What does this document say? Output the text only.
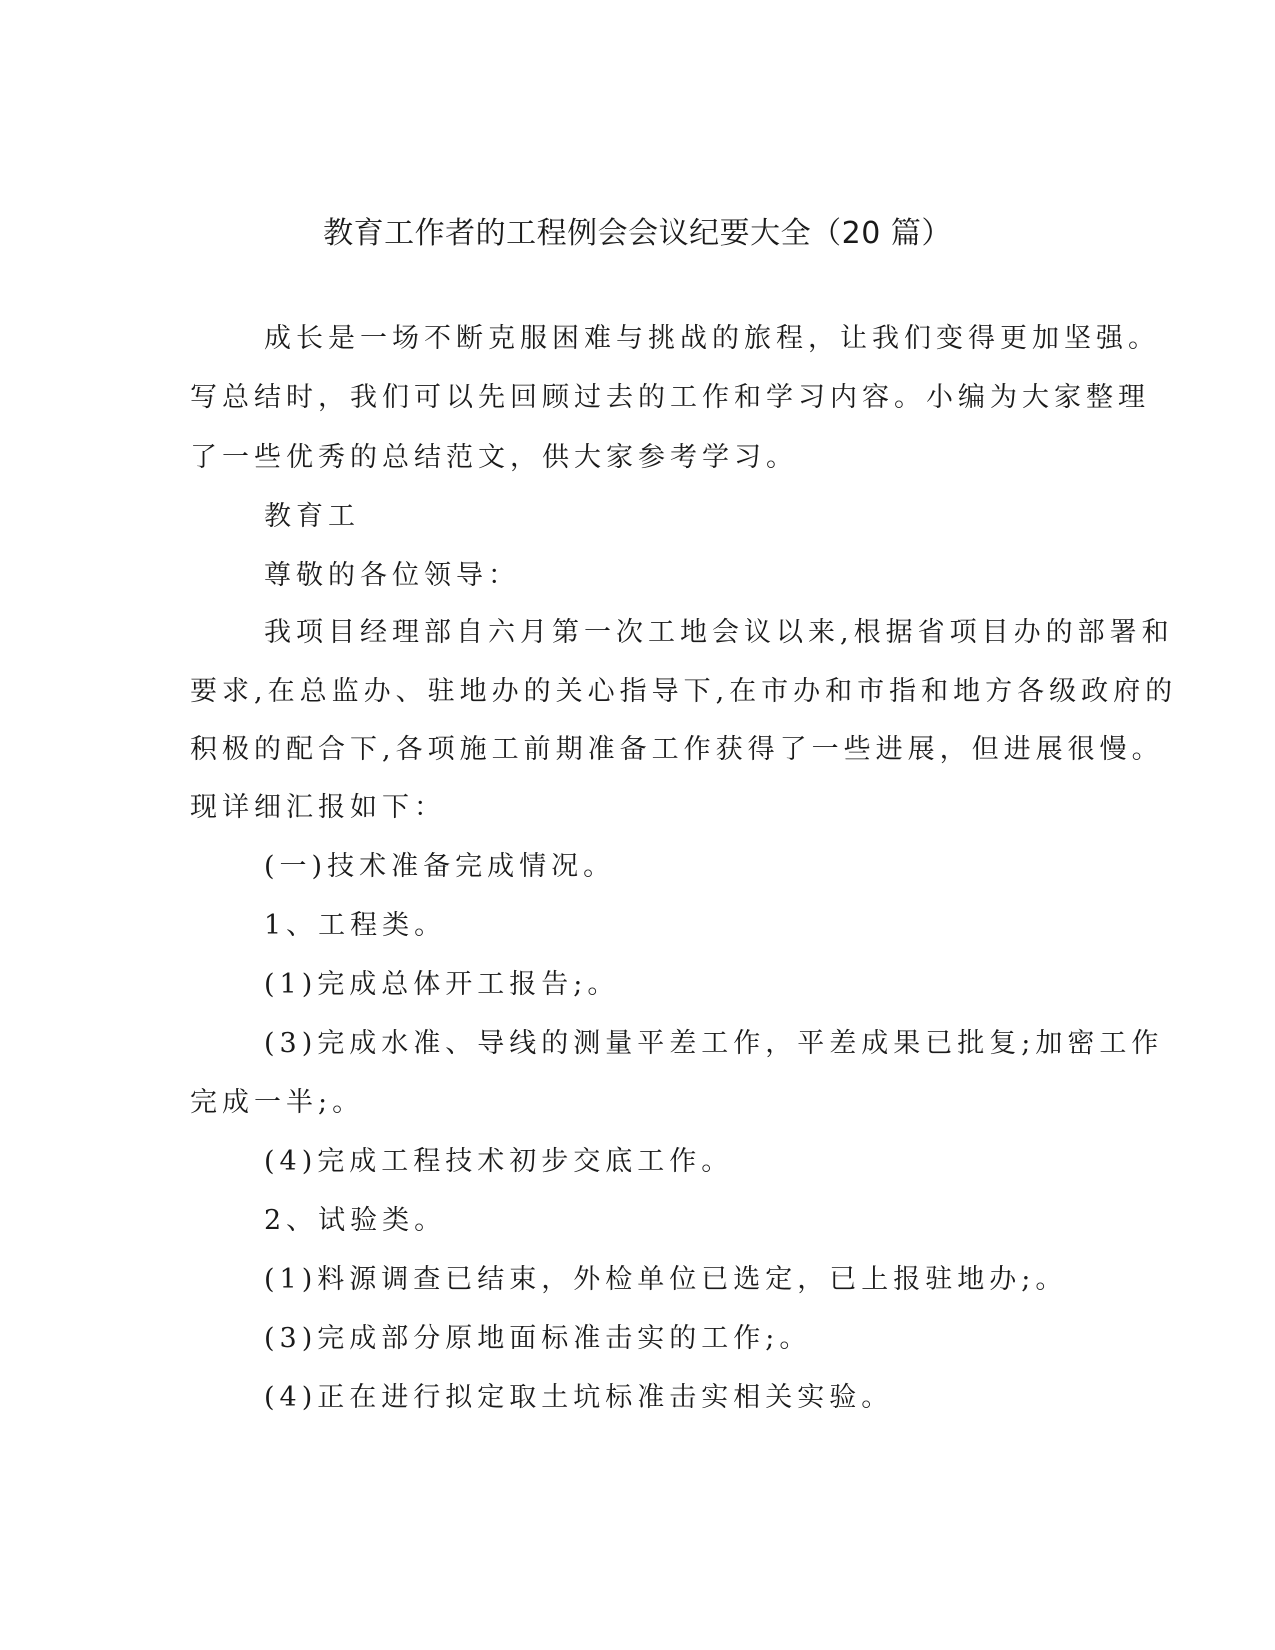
教育工作者的工程例会会议纪要大全（20 篇）
成长是一场不断克服困难与挑战的旅程，让我们变得更加坚强。
写总结时，我们可以先回顾过去的工作和学习内容。小编为大家整理
了一些优秀的总结范文，供大家参考学习。
教育工
尊敬的各位领导：
我项目经理部自六月第一次工地会议以来,根据省项目办的部署和
要求,在总监办、驻地办的关心指导下,在市办和市指和地方各级政府的
积极的配合下,各项施工前期准备工作获得了一些进展，但进展很慢。
现详细汇报如下：
(一)技术准备完成情况。
1、工程类。
(1)完成总体开工报告;。
(3)完成水准、导线的测量平差工作，平差成果已批复;加密工作
完成一半;。
(4)完成工程技术初步交底工作。
2、试验类。
(1)料源调查已结束，外检单位已选定，已上报驻地办;。
(3)完成部分原地面标准击实的工作;。
(4)正在进行拟定取土坑标准击实相关实验。
